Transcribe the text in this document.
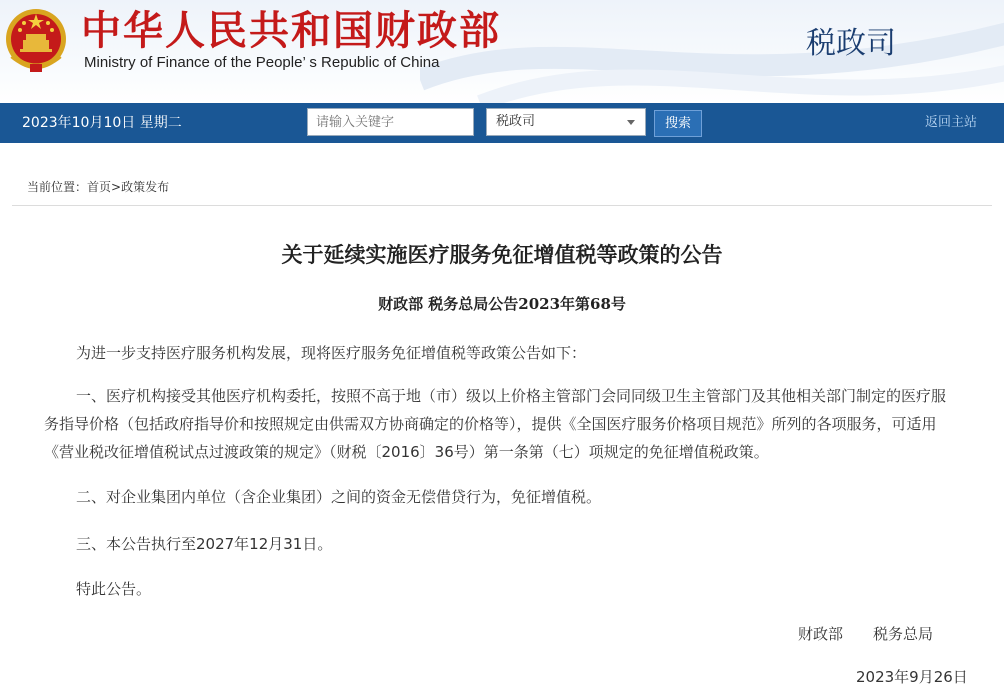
中华人民共和国财政部
Ministry of Finance of the People’ s Republic of China
税政司
2023年10月10日 星期二
请输入关键字	税政司	搜索	返回主站
当前位置：首页>政策发布
关于延续实施医疗服务免征增值税等政策的公告
财政部 税务总局公告2023年第68号

为进一步支持医疗服务机构发展，现将医疗服务免征增值税等政策公告如下：

一、医疗机构接受其他医疗机构委托，按照不高于地（市）级以上价格主管部门会同同级卫生主管部门及其他相关部门制定的医疗服务指导价格（包括政府指导价和按照规定由供需双方协商确定的价格等），提供《全国医疗服务价格项目规范》所列的各项服务，可适用《营业税改征增值税试点过渡政策的规定》（财税〔2016〕36号）第一条第（七）项规定的免征增值税政策。

二、对企业集团内单位（含企业集团）之间的资金无偿借贷行为，免征增值税。

三、本公告执行至2027年12月31日。

特此公告。

财政部 税务总局
2023年9月26日
